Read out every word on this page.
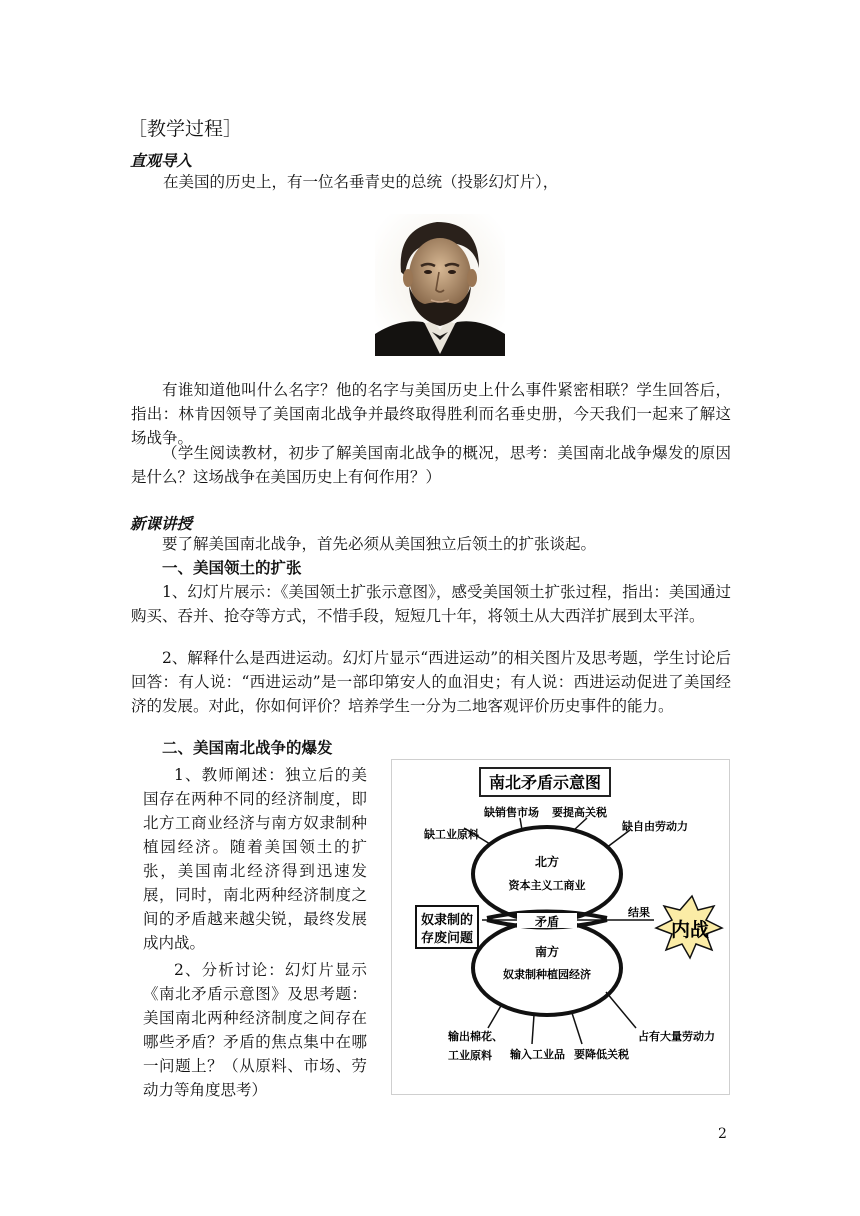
［教学过程］
直观导入
在美国的历史上，有一位名垂青史的总统（投影幻灯片），
有谁知道他叫什么名字？他的名字与美国历史上什么事件紧密相联？学生回答后，指出：林肯因领导了美国南北战争并最终取得胜利而名垂史册，今天我们一起来了解这场战争。
（学生阅读教材，初步了解美国南北战争的概况，思考：美国南北战争爆发的原因是什么？这场战争在美国历史上有何作用？）
新课讲授
要了解美国南北战争，首先必须从美国独立后领土的扩张谈起。
一、美国领土的扩张
1、幻灯片展示：《美国领土扩张示意图》，感受美国领土扩张过程，指出：美国通过购买、吞并、抢夺等方式，不惜手段，短短几十年，将领土从大西洋扩展到太平洋。
2、解释什么是西进运动。幻灯片显示“西进运动”的相关图片及思考题，学生讨论后回答：有人说：“西进运动”是一部印第安人的血泪史；有人说：西进运动促进了美国经济的发展。对此，你如何评价？培养学生一分为二地客观评价历史事件的能力。
二、美国南北战争的爆发
1、教师阐述：独立后的美国存在两种不同的经济制度，即北方工商业经济与南方奴隶制种植园经济。随着美国领土的扩张，美国南北经济得到迅速发展，同时，南北两种经济制度之间的矛盾越来越尖锐，最终发展成内战。
2、分析讨论：幻灯片显示《南北矛盾示意图》及思考题：美国南北两种经济制度之间存在哪些矛盾？矛盾的焦点集中在哪一问题上？（从原料、市场、劳动力等角度思考）
南北矛盾示意图
北方
资本主义工商业
矛盾
南方
奴隶制种植园经济
缺工业原料
缺销售市场 要提高关税
缺自由劳动力
奴隶制的
存废问题
结果
内战
输出棉花、
工业原料 输入工业品 要降低关税
占有大量劳动力
2
